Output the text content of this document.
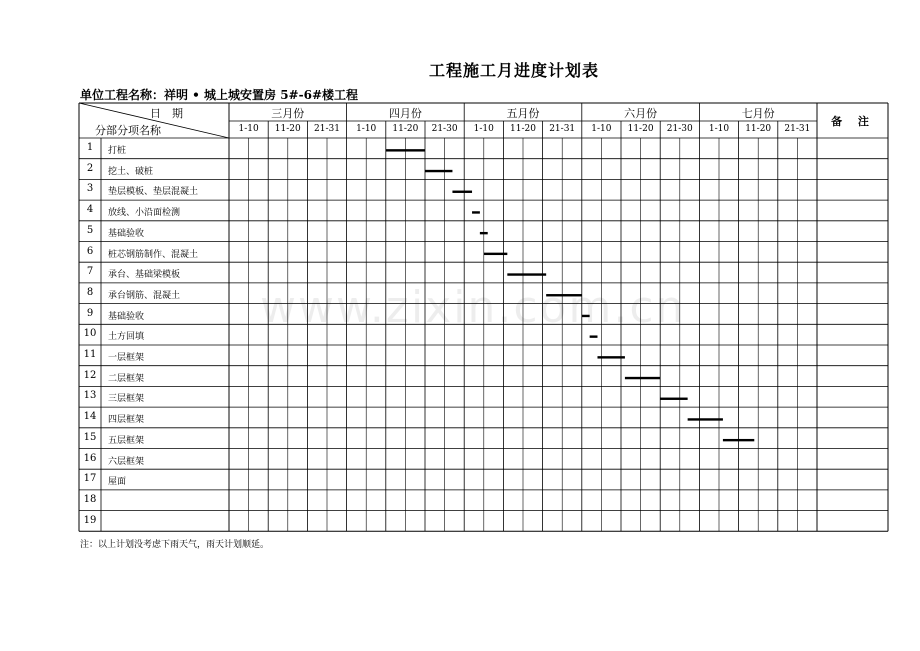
工程施工月进度计划表
单位工程名称：祥明 • 城上城安置房 5#-6#楼工程
日　期
分部分项名称
备 注
三月份
1-10	11-20	21-31
四月份
1-10	11-20	21-30
五月份
1-10	11-20	21-31
六月份
1-10	11-20	21-30
七月份
1-10	11-20	21-31
1	打桩
2	挖土、破桩
3	垫层模板、垫层混凝土
4	放线、小沿面检测
5	基础验收
6	桩芯钢筋制作、混凝土
7	承台、基础梁模板
8	承台钢筋、混凝土
9	基础验收
10	土方回填
11	一层框架
12	二层框架
13	三层框架
14	四层框架
15	五层框架
16	六层框架
17	屋面
18
19
www.zixin.com.cn
注：以上计划没考虑下雨天气，雨天计划顺延。
